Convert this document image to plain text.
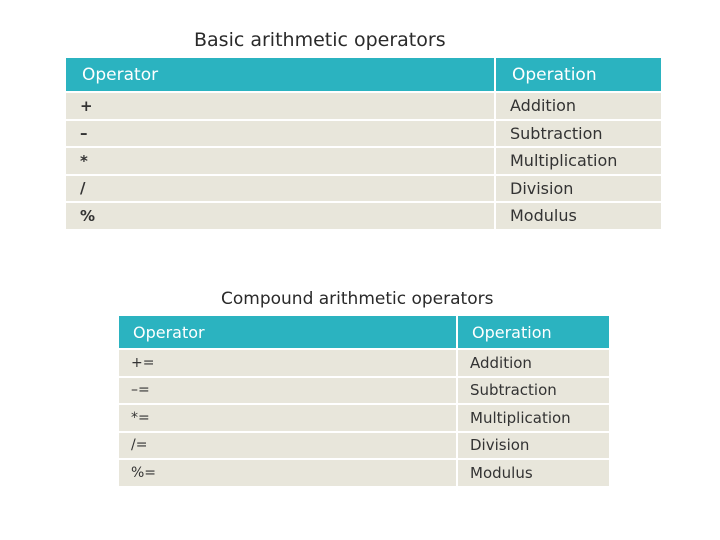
Basic arithmetic operators
Operator	Operation
+	Addition
–	Subtraction
*	Multiplication
/	Division
%	Modulus
Compound arithmetic operators
Operator	Operation
+=	Addition
–=	Subtraction
*=	Multiplication
/=	Division
%=	Modulus
